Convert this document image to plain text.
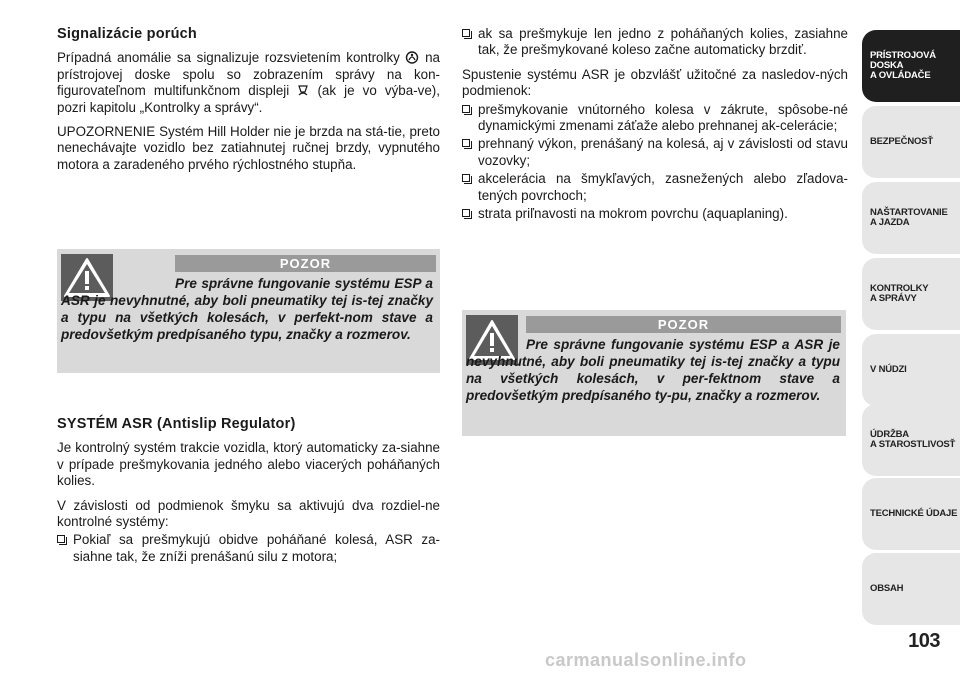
Signalizácie porúch

Prípadná anomálie sa signalizuje rozsvietením kontrolky na prístrojovej doske spolu so zobrazením správy na kon-figurovateľnom multifunkčnom displeji (ak je vo výba-ve), pozri kapitolu „Kontrolky a správy“.

UPOZORNENIE Systém Hill Holder nie je brzda na stá-tie, preto nenechávajte vozidlo bez zatiahnutej ručnej brzdy, vypnutého motora a zaradeného prvého rýchlostného stupňa.

POZOR
Pre správne fungovanie systému ESP a ASR je nevyhnutné, aby boli pneumatiky tej is-tej značky a typu na všetkých kolesách, v perfekt-nom stave a predovšetkým predpísaného typu, značky a rozmerov.
SYSTÉM ASR (Antislip Regulator)

Je kontrolný systém trakcie vozidla, ktorý automaticky za-siahne v prípade prešmykovania jedného alebo viacerých poháňaných kolies.

V závislosti od podmienok šmyku sa aktivujú dva rozdiel-ne kontrolné systémy:

Pokiaľ sa prešmykujú obidve poháňané kolesá, ASR za-siahne tak, že zníži prenášanú silu z motora;
ak sa prešmykuje len jedno z poháňaných kolies, zasiahne tak, že prešmykované koleso začne automaticky brzdiť.

Spustenie systému ASR je obzvlášť užitočné za nasledov-ných podmienok:

prešmykovanie vnútorného kolesa v zákrute, spôsobe-né dynamickými zmenami záťaže alebo prehnanej ak-celerácie;
prehnaný výkon, prenášaný na kolesá, aj v závislosti od stavu vozovky;
akcelerácia na šmykľavých, zasnežených alebo zľadova-tených povrchoch;
strata priľnavosti na mokrom povrchu (aquaplaning).
POZOR
Pre správne fungovanie systému ESP a ASR je nevyhnutné, aby boli pneumatiky tej is-tej značky a typu na všetkých kolesách, v per-fektnom stave a predovšetkým predpísaného ty-pu, značky a rozmerov.
PRÍSTROJOVÁ
DOSKA
A OVLÁDAČE
BEZPEČNOSŤ
NAŠTARTOVANIE
A JAZDA
KONTROLKY
A SPRÁVY
V NÚDZI
ÚDRŽBA
A STAROSTLIVOSŤ
TECHNICKÉ ÚDAJE
OBSAH
103
carmanualsonline.info
